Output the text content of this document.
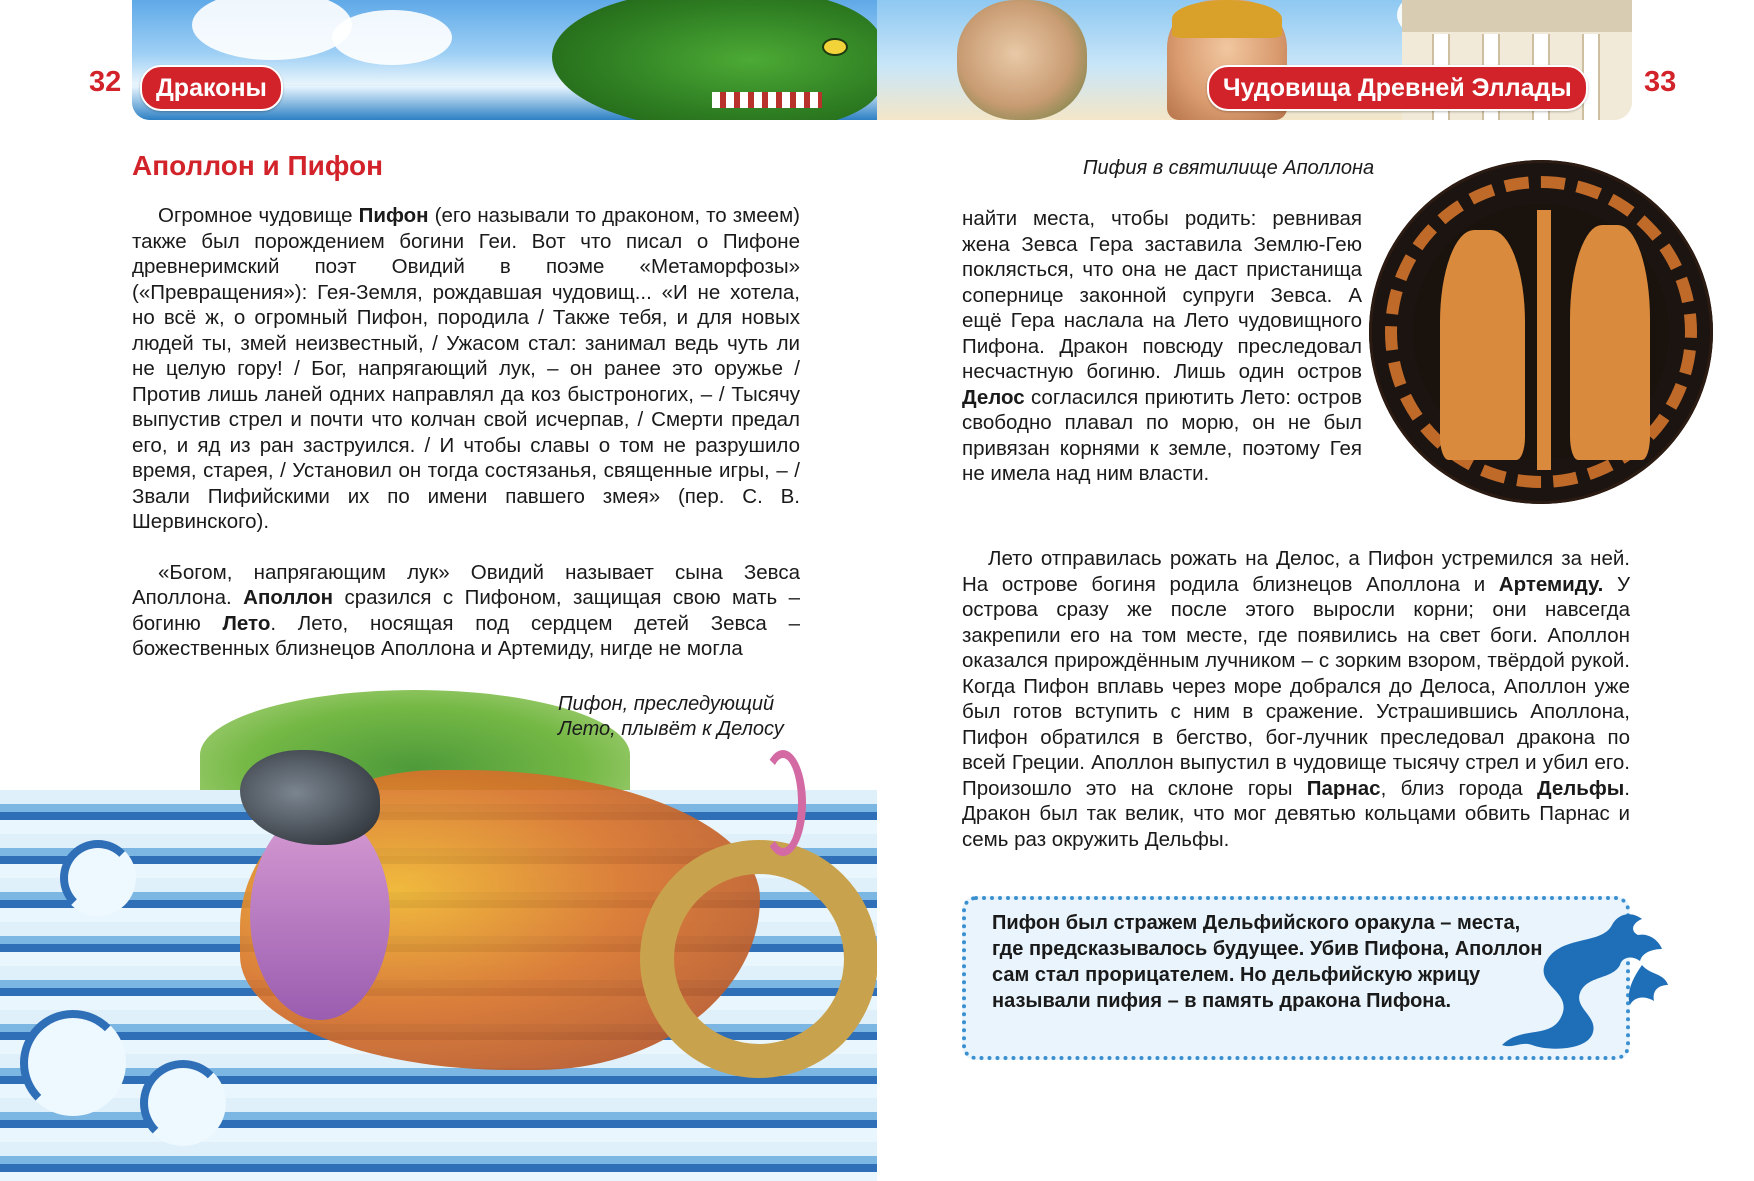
32	Драконы
Аполлон и Пифон

Огромное чудовище Пифон (его называли то драконом, то змеем) также был порождением богини Геи. Вот что писал о Пифоне древнеримский поэт Овидий в поэме «Метаморфозы» («Превращения»): Гея-Земля, рождавшая чудовищ... «И не хотела, но всё ж, о огромный Пифон, породила / Также тебя, и для новых людей ты, змей неизвестный, / Ужасом стал: занимал ведь чуть ли не целую гору! / Бог, напрягающий лук, – он ранее это оружье / Против лишь ланей одних направлял да коз быстроногих, – / Тысячу выпустив стрел и почти что колчан свой исчерпав, / Смерти предал его, и яд из ран заструился. / И чтобы славы о том не разрушило время, старея, / Установил он тогда состязанья, священные игры, – / Звали Пифийскими их по имени павшего змея» (пер. С. В. Шервинского).

«Богом, напрягающим лук» Овидий называет сына Зевса Аполлона. Аполлон сразился с Пифоном, защищая свою мать – богиню Лето. Лето, носящая под сердцем детей Зевса – божественных близнецов Аполлона и Артемиду, нигде не могла

Пифон, преследующий Лето, плывёт к Делосу
Чудовища Древней Эллады	33
Пифия в святилище Аполлона

найти места, чтобы родить: ревнивая жена Зевса Гера заставила Землю-Гею поклясться, что она не даст пристанища сопернице законной супруги Зевса. А ещё Гера наслала на Лето чудовищного Пифона. Дракон повсюду преследовал несчастную богиню. Лишь один остров Делос согласился приютить Лето: остров свободно плавал по морю, он не был привязан корнями к земле, поэтому Гея не имела над ним власти.

Лето отправилась рожать на Делос, а Пифон устремился за ней. На острове богиня родила близнецов Аполлона и Артемиду. У острова сразу же после этого выросли корни; они навсегда закрепили его на том месте, где появились на свет боги. Аполлон оказался прирождённым лучником – с зорким взором, твёрдой рукой. Когда Пифон вплавь через море добрался до Делоса, Аполлон уже был готов вступить с ним в сражение. Устрашившись Аполлона, Пифон обратился в бегство, бог-лучник преследовал дракона по всей Греции. Аполлон выпустил в чудовище тысячу стрел и убил его. Произошло это на склоне горы Парнас, близ города Дельфы. Дракон был так велик, что мог девятью кольцами обвить Парнас и семь раз окружить Дельфы.

Пифон был стражем Дельфийского оракула – места, где предсказывалось будущее. Убив Пифона, Аполлон сам стал прорицателем. Но дельфийскую жрицу называли пифия – в память дракона Пифона.
